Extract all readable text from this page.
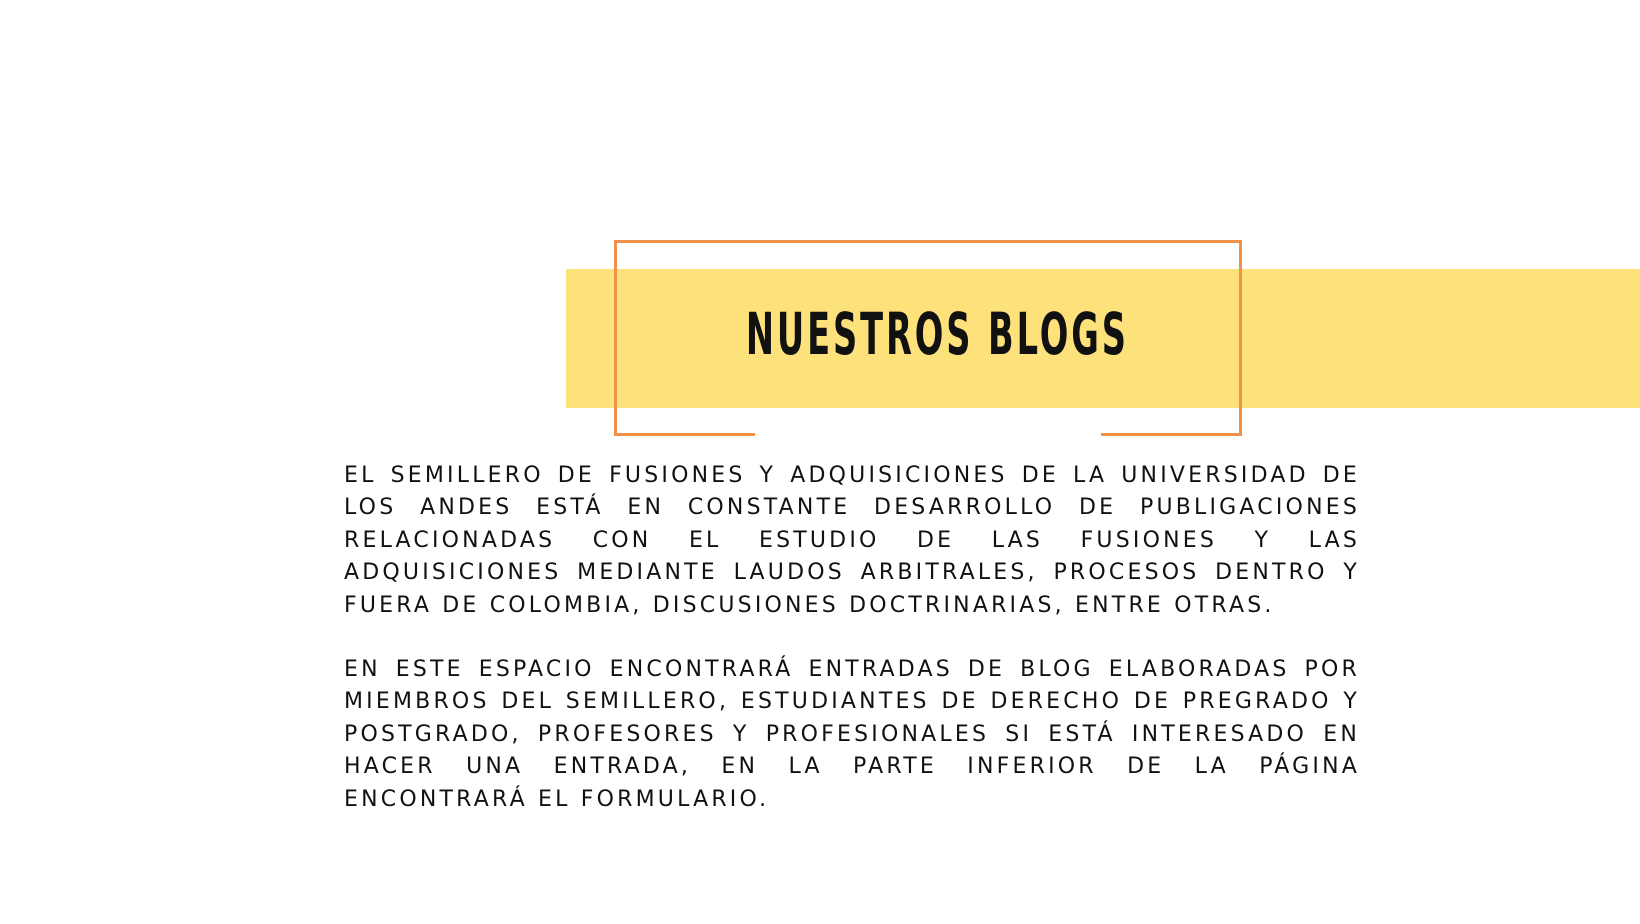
NUESTROS BLOGS

EL SEMILLERO DE FUSIONES Y ADQUISICIONES DE LA UNIVERSIDAD DE LOS ANDES ESTÁ EN CONSTANTE DESARROLLO DE PUBLIGACIONES RELACIONADAS CON EL ESTUDIO DE LAS FUSIONES Y LAS ADQUISICIONES MEDIANTE LAUDOS ARBITRALES, PROCESOS DENTRO Y FUERA DE COLOMBIA, DISCUSIONES DOCTRINARIAS, ENTRE OTRAS.

EN ESTE ESPACIO ENCONTRARÁ ENTRADAS DE BLOG ELABORADAS POR MIEMBROS DEL SEMILLERO, ESTUDIANTES DE DERECHO DE PREGRADO Y POSTGRADO, PROFESORES Y PROFESIONALES SI ESTÁ INTERESADO EN HACER UNA ENTRADA, EN LA PARTE INFERIOR DE LA PÁGINA ENCONTRARÁ EL FORMULARIO.
